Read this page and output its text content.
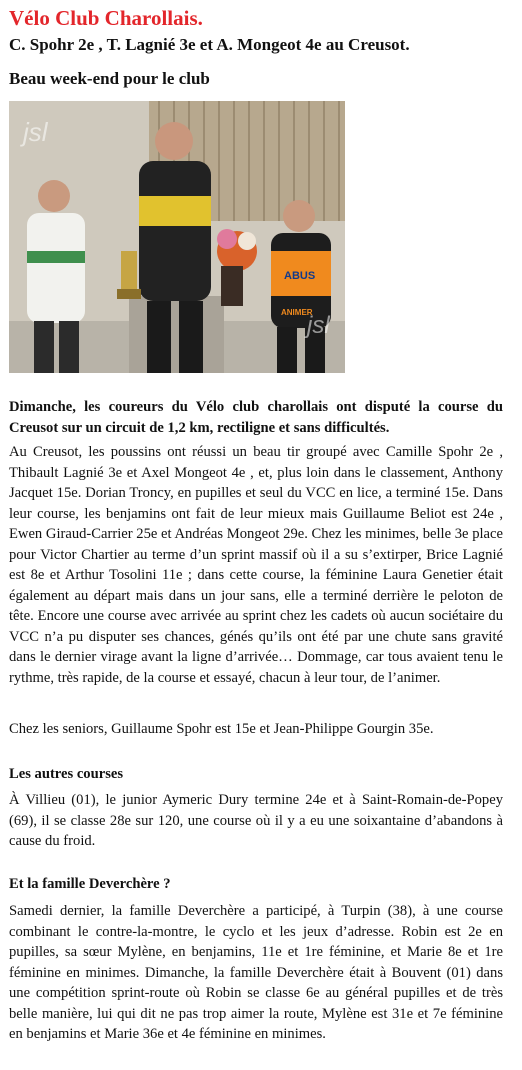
Vélo Club Charollais.
C. Spohr 2e , T. Lagnié 3e et A. Mongeot 4e au Creusot.
Beau week-end pour le club
ABUS
ANIMER
jsl
jsl

Dimanche, les coureurs du Vélo club charollais ont disputé la course du Creusot sur un circuit de 1,2 km, rectiligne et sans difficultés.

Au Creusot, les poussins ont réussi un beau tir groupé avec Camille Spohr 2e , Thibault Lagnié 3e et Axel Mongeot 4e , et, plus loin dans le classement, Anthony Jacquet 15e. Dorian Troncy, en pupilles et seul du VCC en lice, a terminé 15e. Dans leur course, les benjamins ont fait de leur mieux mais Guillaume Beliot est 24e , Ewen Giraud-Carrier 25e et Andréas Mongeot 29e. Chez les minimes, belle 3e place pour Victor Chartier au terme d’un sprint massif où il a su s’extirper, Brice Lagnié est 8e et Arthur Tosolini 11e ; dans cette course, la féminine Laura Genetier était également au départ mais dans un jour sans, elle a terminé derrière le peloton de tête. Encore une course avec arrivée au sprint chez les cadets où aucun sociétaire du VCC n’a pu disputer ses chances, génés qu’ils ont été par une chute sans gravité dans le dernier virage avant la ligne d’arrivée… Dommage, car tous avaient tenu le rythme, très rapide, de la course et essayé, chacun à leur tour, de l’animer.

Chez les seniors, Guillaume Spohr est 15e et Jean-Philippe Gourgin 35e.

Les autres courses

À Villieu (01), le junior Aymeric Dury termine 24e et à Saint-Romain-de-Popey (69), il se classe 28e sur 120, une course où il y a eu une soixantaine d’abandons à cause du froid.

Et la famille Deverchère ?

Samedi dernier, la famille Deverchère a participé, à Turpin (38), à une course combinant le contre-la-montre, le cyclo et les jeux d’adresse. Robin est 2e en pupilles, sa sœur Mylène, en benjamins, 11e et 1re féminine, et Marie 8e et 1re féminine en minimes. Dimanche, la famille Deverchère était à Bouvent (01) dans une compétition sprint-route où Robin se classe 6e au général pupilles et de très belle manière, lui qui dit ne pas trop aimer la route, Mylène est 31e et 7e féminine en benjamins et Marie 36e et 4e féminine en minimes.
